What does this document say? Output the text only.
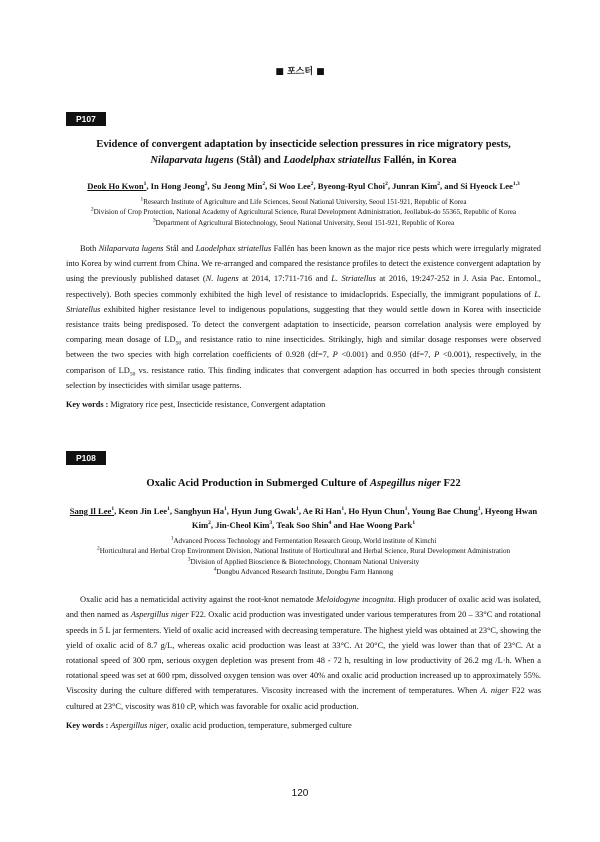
■ 포스터 ■
P107
Evidence of convergent adaptation by insecticide selection pressures in rice migratory pests,
Nilaparvata lugens (Stål) and Laodelphax striatellus Fallén, in Korea
Deok Ho Kwon$^1$, In Hong Jeong$^2$, Su Jeong Min$^2$, Si Woo Lee$^2$, Byeong-Ryul Choi$^2$, Junran Kim$^2$, and Si Hyeock Lee$^{1,3}$
$^1$Research Institute of Agriculture and Life Sciences, Seoul National University, Seoul 151-921, Republic of Korea
$^2$Division of Crop Protection, National Academy of Agricultural Science, Rural Development Administration, Jeollabuk-do 55365, Republic of Korea
$^3$Department of Agricultural Biotechnology, Seoul National University, Seoul 151-921, Republic of Korea
Both Nilaparvata lugens Stål and Laodelphax striatellus Fallén has been known as the major rice pests which were irregularly migrated into Korea by wind current from China. We re-arranged and compared the resistance profiles to detect the existence convergent adaptation by using the previously published dataset (N. lugens at 2014, 17:711-716 and L. Striatellus at 2016, 19:247-252 in J. Asia Pac. Entomol., respectively). Both species commonly exhibited the high level of resistance to imidacloprids. Especially, the immigrant populations of L. Striatellus exhibited higher resistance level to indigenous populations, suggesting that they would settle down in Korea with insecticide resistance traits being predisposed. To detect the convergent adaptation to insecticide, pearson correlation analysis were employed by comparing mean dosage of $LD_{50}$ and resistance ratio to nine insecticides. Strikingly, high and similar dosage responses were observed between the two species with high correlation coefficients of 0.928 (df=7, P <0.001) and 0.950 (df=7, P <0.001), respectively, in the comparison of $LD_{50}$ vs. resistance ratio. This finding indicates that convergent adaption has occurred in both species through consistent selection by insecticides with similar usage patterns.
Key words : Migratory rice pest, Insecticide resistance, Convergent adaptation
P108
Oxalic Acid Production in Submerged Culture of Aspegillus niger F22
Sang Il Lee$^1$, Keon Jin Lee$^1$, Sanghyun Ha$^1$, Hyun Jung Gwak$^1$, Ae Ri Han$^1$, Ho Hyun Chun$^1$, Young Bae Chung$^1$, Hyeong Hwan Kim$^2$, Jin-Cheol Kim$^3$, Teak Soo Shin$^4$ and Hae Woong Park$^1$
$^1$Advanced Process Technology and Fermentation Research Group, World institute of Kimchi
$^2$Horticultural and Herbal Crop Environment Division, National Institute of Horticultural and Herbal Science, Rural Development Administration
$^3$Division of Applied Bioscience & Biotechnology, Chonnam National University
$^4$Dongbu Advanced Research Institute, Dongbu Farm Hannong
Oxalic acid has a nematicidal activity against the root-knot nematode Meloidogyne incognita. High producer of oxalic acid was isolated, and then named as Aspergillus niger F22. Oxalic acid production was investigated under various temperatures from 20 – 33°C and rotational speeds in 5 L jar fermenters. Yield of oxalic acid increased with decreasing temperature. The highest yield was obtained at 23°C, showing the yield of oxalic acid of 8.7 g/L, whereas oxalic acid production was least at 33°C. At 20°C, the yield was lower than that of 23°C. At a rotational speed of 300 rpm, serious oxygen depletion was present from 48 - 72 h, resulting in low productivity of 26.2 mg /L·h. When a rotational speed was set at 600 rpm, dissolved oxygen tension was over 40% and oxalic acid production increased up to approximately 55%. Viscosity during the culture differed with temperatures. Viscosity increased with the increment of temperatures. When A. niger F22 was cultured at 23°C, viscosity was 810 cP, which was favorable for oxalic acid production.
Key words : Aspergillus niger, oxalic acid production, temperature, submerged culture
120
